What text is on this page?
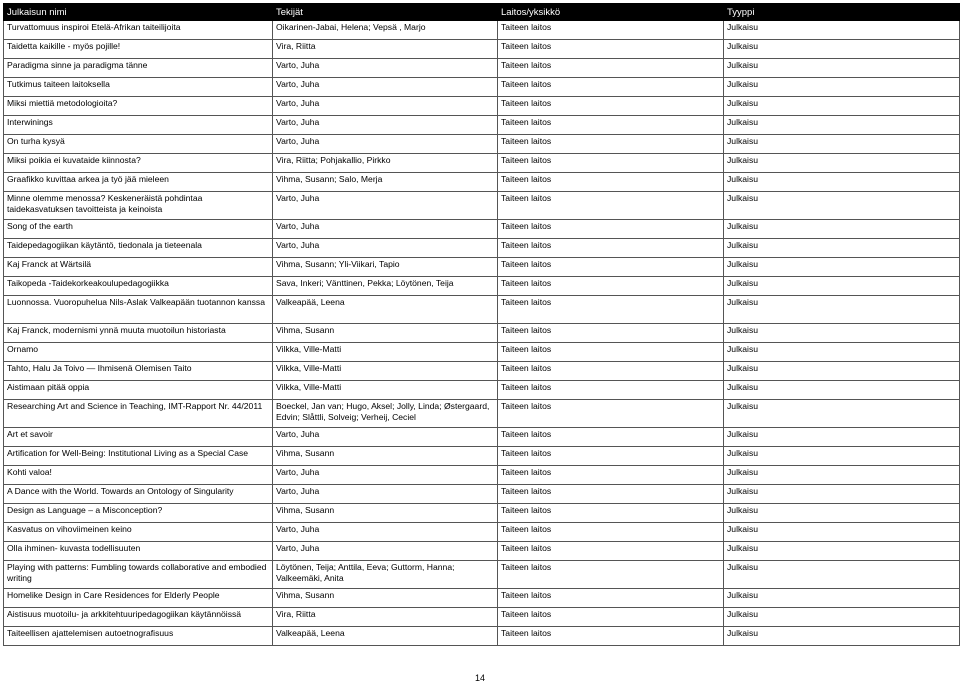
Julkaisun nimi	Tekijät	Laitos/yksikkö	Tyyppi
Turvattomuus inspiroi Etelä-Afrikan taiteilijoita	Oikarinen-Jabai, Helena; Vepsä , Marjo	Taiteen laitos	Julkaisu
Taidetta kaikille - myös pojille!	Vira, Riitta	Taiteen laitos	Julkaisu
Paradigma sinne ja paradigma tänne	Varto, Juha	Taiteen laitos	Julkaisu
Tutkimus taiteen laitoksella	Varto, Juha	Taiteen laitos	Julkaisu
Miksi miettiä metodologioita?	Varto, Juha	Taiteen laitos	Julkaisu
Interwinings	Varto, Juha	Taiteen laitos	Julkaisu
On turha kysyä	Varto, Juha	Taiteen laitos	Julkaisu
Miksi poikia ei kuvataide kiinnosta?	Vira, Riitta; Pohjakallio, Pirkko	Taiteen laitos	Julkaisu
Graafikko kuvittaa arkea ja työ jää mieleen	Vihma, Susann; Salo, Merja	Taiteen laitos	Julkaisu
Minne olemme menossa? Keskeneräistä pohdintaa taidekasvatuksen tavoitteista ja keinoista	Varto, Juha	Taiteen laitos	Julkaisu
Song of the earth	Varto, Juha	Taiteen laitos	Julkaisu
Taidepedagogiikan käytäntö, tiedonala ja tieteenala	Varto, Juha	Taiteen laitos	Julkaisu
Kaj Franck at Wärtsilä	Vihma, Susann; Yli-Viikari, Tapio	Taiteen laitos	Julkaisu
Taikopeda -Taidekorkeakoulupedagogiikka	Sava, Inkeri; Vänttinen, Pekka; Löytönen, Teija	Taiteen laitos	Julkaisu
Luonnossa. Vuoropuhelua Nils-Aslak Valkeapään tuotannon kanssa	Valkeapää, Leena	Taiteen laitos	Julkaisu
Kaj Franck, modernismi ynnä muuta muotoilun historiasta	Vihma, Susann	Taiteen laitos	Julkaisu
Ornamo	Vilkka, Ville-Matti	Taiteen laitos	Julkaisu
Tahto, Halu Ja Toivo — Ihmisenä Olemisen Taito	Vilkka, Ville-Matti	Taiteen laitos	Julkaisu
Aistimaan pitää oppia	Vilkka, Ville-Matti	Taiteen laitos	Julkaisu
Researching Art and Science in Teaching, IMT-Rapport Nr. 44/2011	Boeckel, Jan van; Hugo, Aksel; Jolly, Linda; Østergaard, Edvin; Slåttli, Solveig; Verheij, Ceciel	Taiteen laitos	Julkaisu
Art et savoir	Varto, Juha	Taiteen laitos	Julkaisu
Artification for Well-Being: Institutional Living as a Special Case	Vihma, Susann	Taiteen laitos	Julkaisu
Kohti valoa!	Varto, Juha	Taiteen laitos	Julkaisu
A Dance with the World. Towards an Ontology of Singularity	Varto, Juha	Taiteen laitos	Julkaisu
Design as Language – a Misconception?	Vihma, Susann	Taiteen laitos	Julkaisu
Kasvatus on vihoviimeinen keino	Varto, Juha	Taiteen laitos	Julkaisu
Olla ihminen- kuvasta todellisuuten	Varto, Juha	Taiteen laitos	Julkaisu
Playing with patterns: Fumbling towards collaborative and embodied writing	Löytönen, Teija; Anttila, Eeva; Guttorm, Hanna; Valkeemäki, Anita	Taiteen laitos	Julkaisu
Homelike Design in Care Residences for Elderly People	Vihma, Susann	Taiteen laitos	Julkaisu
Aistisuus muotoilu- ja arkkitehtuuripedagogiikan käytännöissä	Vira, Riitta	Taiteen laitos	Julkaisu
Taiteellisen ajattelemisen autoetnografisuus	Valkeapää, Leena	Taiteen laitos	Julkaisu
14
